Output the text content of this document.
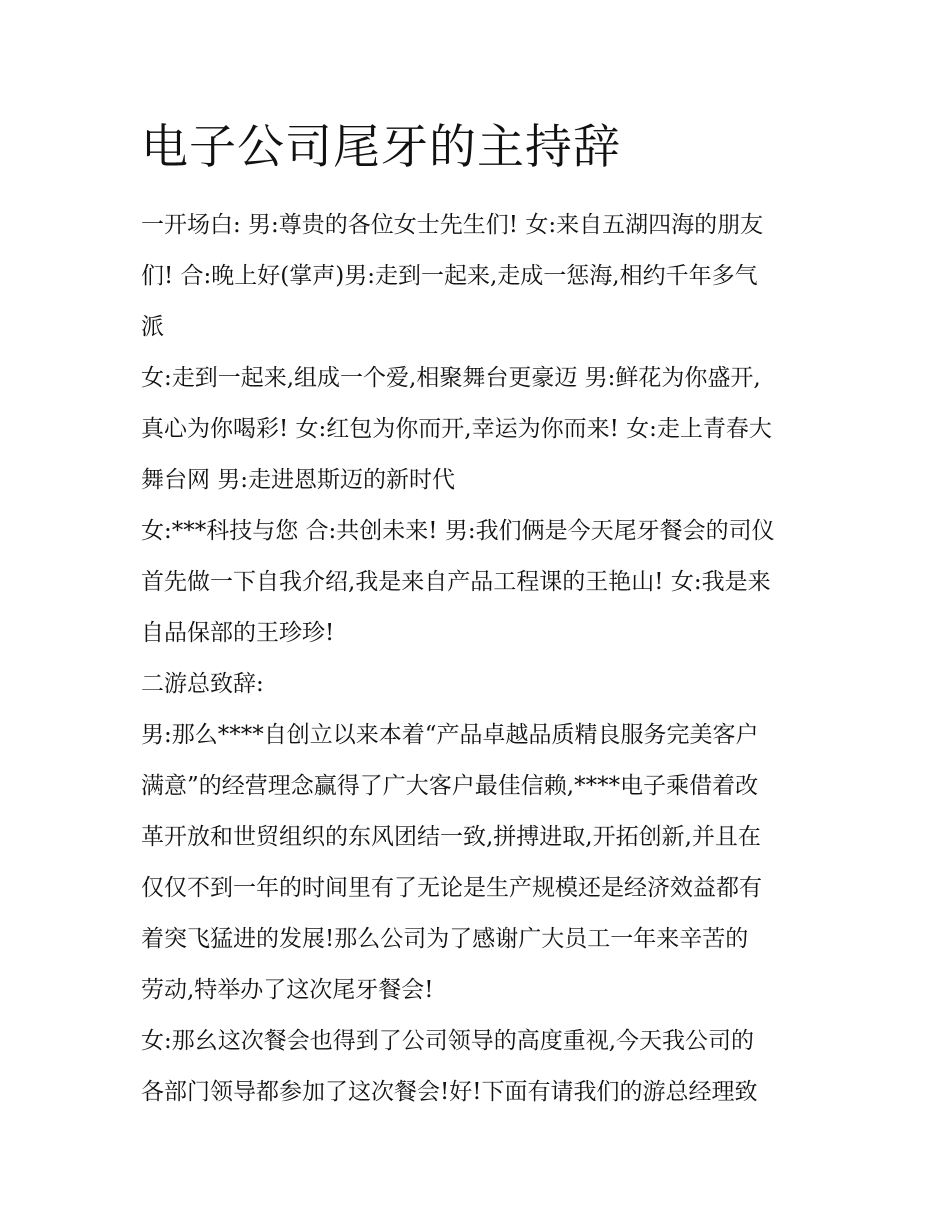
电子公司尾牙的主持辞
一开场白: 男:尊贵的各位女士先生们! 女:来自五湖四海的朋友
们! 合:晚上好(掌声)男:走到一起来,走成一惩海,相约千年多气
派
女:走到一起来,组成一个爱,相聚舞台更豪迈 男:鲜花为你盛开,
真心为你喝彩! 女:红包为你而开,幸运为你而来! 女:走上青春大
舞台网 男:走进恩斯迈的新时代
女:***科技与您 合:共创未来! 男:我们俩是今天尾牙餐会的司仪
首先做一下自我介绍,我是来自产品工程课的王艳山! 女:我是来
自品保部的王珍珍!
二游总致辞:
男:那么****自创立以来本着“产品卓越品质精良服务完美客户
满意”的经营理念赢得了广大客户最佳信赖,****电子乘借着改
革开放和世贸组织的东风团结一致,拼搏进取,开拓创新,并且在
仅仅不到一年的时间里有了无论是生产规模还是经济效益都有
着突飞猛进的发展!那么公司为了感谢广大员工一年来辛苦的
劳动,特举办了这次尾牙餐会!
女:那幺这次餐会也得到了公司领导的高度重视,今天我公司的
各部门领导都参加了这次餐会!好!下面有请我们的游总经理致
